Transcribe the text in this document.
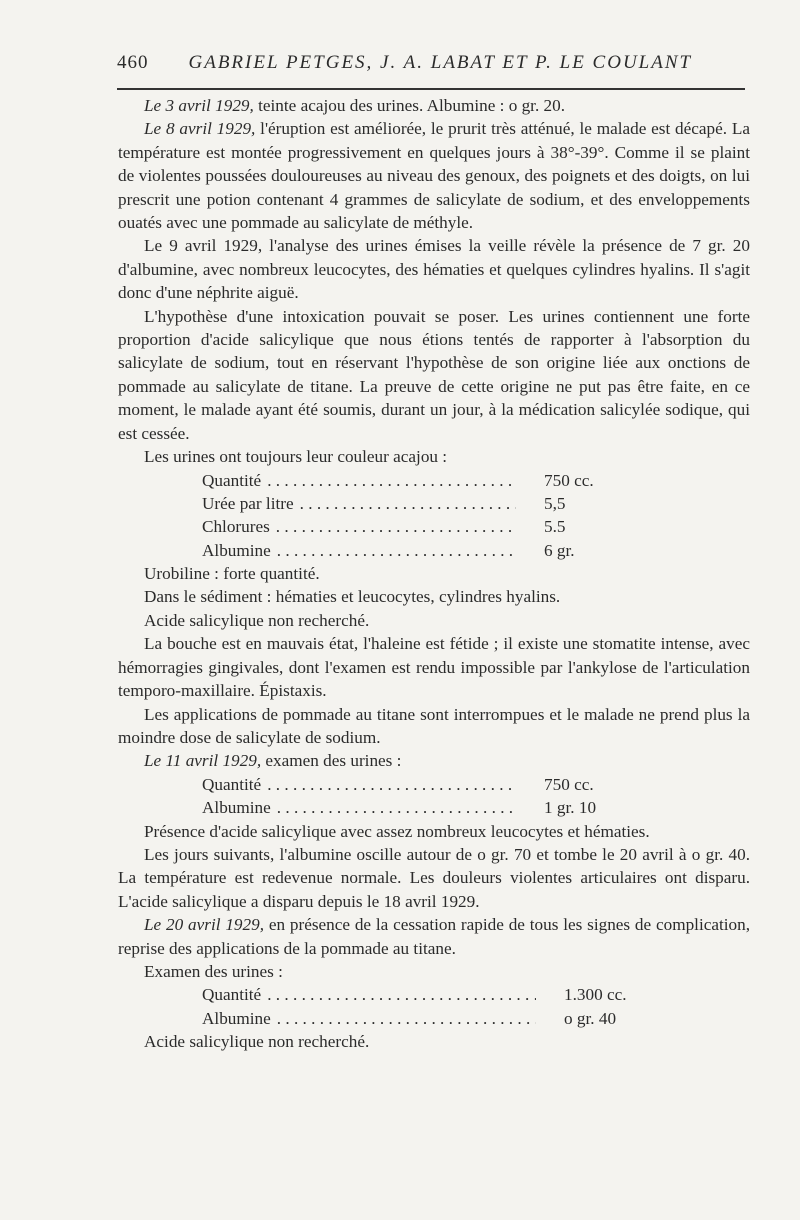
460 GABRIEL PETGES, J. A. LABAT ET P. LE COULANT

Le 3 avril 1929, teinte acajou des urines. Albumine : o gr. 20.

Le 8 avril 1929, l'éruption est améliorée, le prurit très atténué, le malade est décapé. La température est montée progressivement en quelques jours à 38°-39°. Comme il se plaint de violentes poussées douloureuses au niveau des genoux, des poignets et des doigts, on lui prescrit une potion contenant 4 grammes de salicylate de sodium, et des enveloppements ouatés avec une pommade au salicylate de méthyle.

Le 9 avril 1929, l'analyse des urines émises la veille révèle la présence de 7 gr. 20 d'albumine, avec nombreux leucocytes, des hématies et quelques cylindres hyalins. Il s'agit donc d'une néphrite aiguë.

L'hypothèse d'une intoxication pouvait se poser. Les urines contiennent une forte proportion d'acide salicylique que nous étions tentés de rapporter à l'absorption du salicylate de sodium, tout en réservant l'hypothèse de son origine liée aux onctions de pommade au salicylate de titane. La preuve de cette origine ne put pas être faite, en ce moment, le malade ayant été soumis, durant un jour, à la médication salicylée sodique, qui est cessée.

Les urines ont toujours leur couleur acajou :

Quantité . . .	750 cc.
Urée par litre . . .	5,5
Chlorures . . .	5.5
Albumine . . .	6 gr.

Urobiline : forte quantité.

Dans le sédiment : hématies et leucocytes, cylindres hyalins.

Acide salicylique non recherché.

La bouche est en mauvais état, l'haleine est fétide ; il existe une stomatite intense, avec hémorragies gingivales, dont l'examen est rendu impossible par l'ankylose de l'articulation temporo-maxillaire. Épistaxis.

Les applications de pommade au titane sont interrompues et le malade ne prend plus la moindre dose de salicylate de sodium.

Le 11 avril 1929, examen des urines :

Quantité . . .	750 cc.
Albumine . . .	1 gr. 10

Présence d'acide salicylique avec assez nombreux leucocytes et hématies.

Les jours suivants, l'albumine oscille autour de o gr. 70 et tombe le 20 avril à o gr. 40. La température est redevenue normale. Les douleurs violentes articulaires ont disparu. L'acide salicylique a disparu depuis le 18 avril 1929.

Le 20 avril 1929, en présence de la cessation rapide de tous les signes de complication, reprise des applications de la pommade au titane.

Examen des urines :

Quantité . . .	1.300 cc.
Albumine . . .	o gr. 40

Acide salicylique non recherché.
